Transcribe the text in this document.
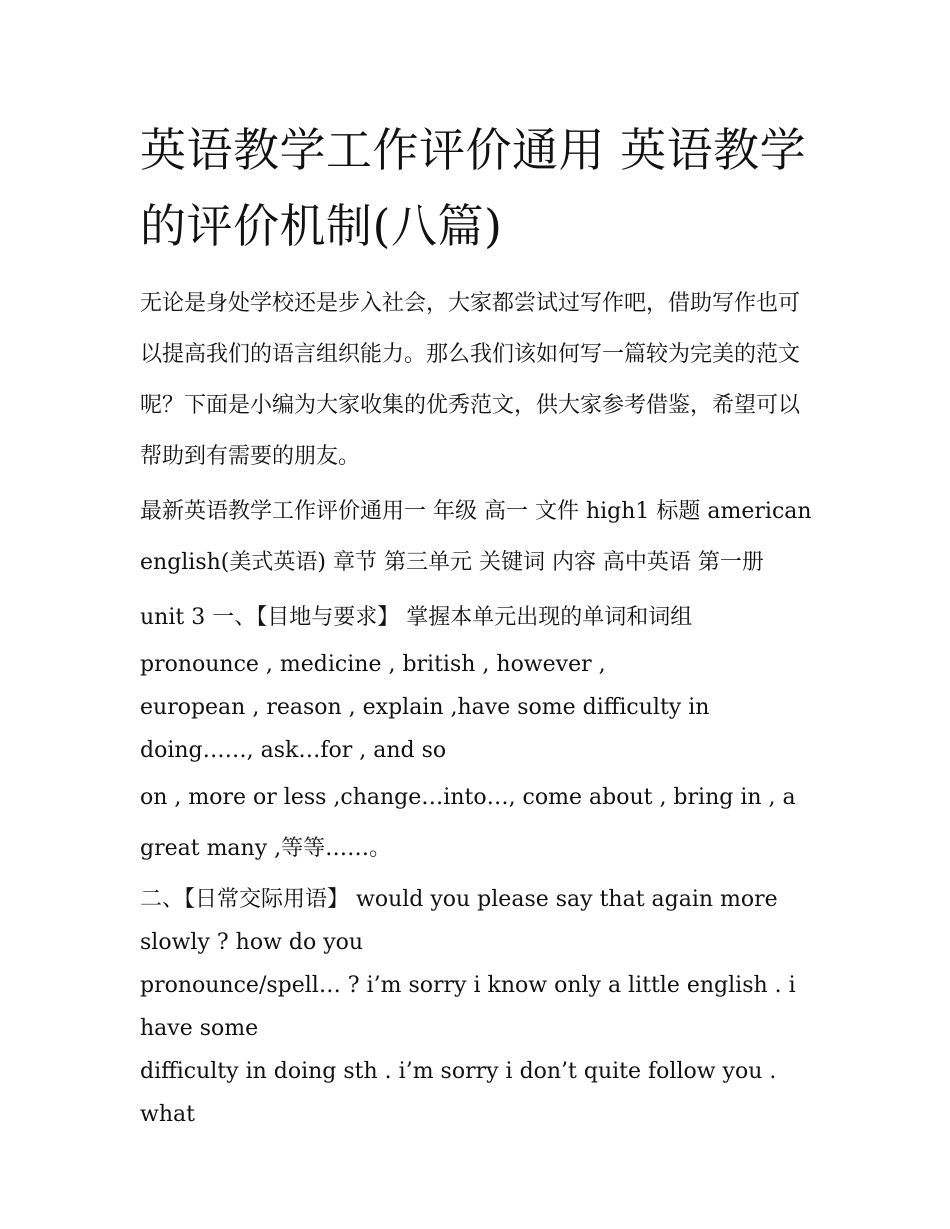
英语教学工作评价通用 英语教学的评价机制(八篇)

无论是身处学校还是步入社会，大家都尝试过写作吧，借助写作也可以提高我们的语言组织能力。那么我们该如何写一篇较为完美的范文呢？下面是小编为大家收集的优秀范文，供大家参考借鉴，希望可以帮助到有需要的朋友。

最新英语教学工作评价通用一 年级 高一 文件 high1 标题 american english(美式英语) 章节 第三单元 关键词 内容 高中英语 第一册

unit 3 一、【目地与要求】 掌握本单元出现的单词和词组
pronounce , medicine , british , however ,
european , reason , explain ,have some difficulty in doing……, ask…for , and so
on , more or less ,change…into…, come about , bring in , a great many ,等等……。

二、【日常交际用语】 would you please say that again more slowly ? how do you
pronounce/spell… ? i’m sorry i know only a little english . i have some
difficulty in doing sth . i’m sorry i don’t quite follow you . what
